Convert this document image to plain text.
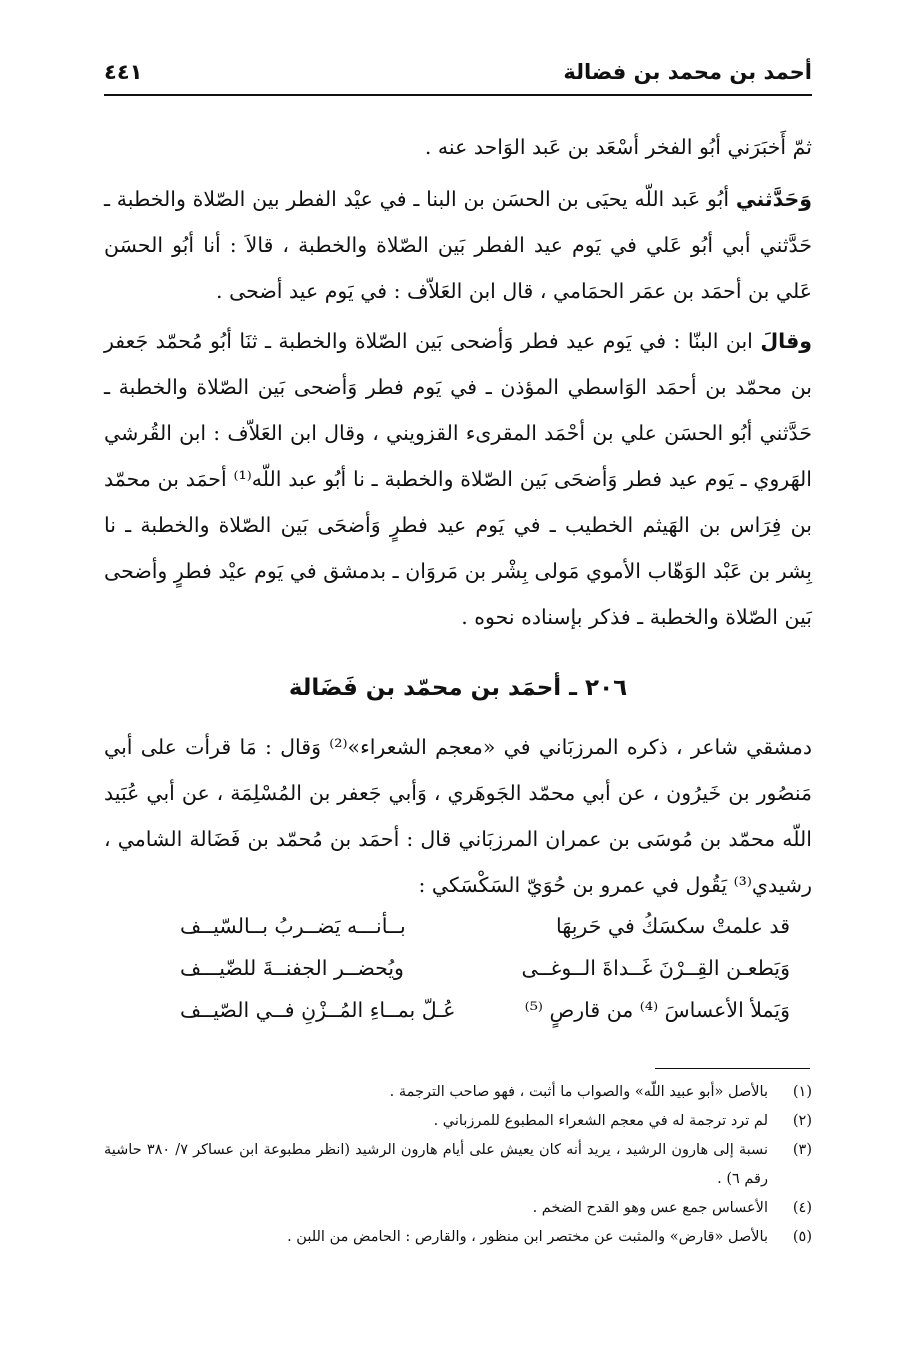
أحمد بن محمد بن فضالة
٤٤١

ثمّ أَخبَرَني أبُو الفخر أسْعَد بن عَبد الوَاحد عنه .

وَحَدَّثني أبُو عَبد اللّه يحيَى بن الحسَن بن البنا ـ في عيْد الفطر بين الصّلاة والخطبة ـ حَدَّثني أبي أبُو عَلي في يَوم عيد الفطر بَين الصّلاة والخطبة ، قالاَ : أنا أبُو الحسَن عَلي بن أحمَد بن عمَر الحمَامي ، قال ابن العَلاّف : في يَوم عيد أضحى .

وقالَ ابن البنّا : في يَوم عيد فطر وَأضحى بَين الصّلاة والخطبة ـ ثنَا أبُو مُحمّد جَعفر بن محمّد بن أحمَد الوَاسطي المؤذن ـ في يَوم فطر وَأضحى بَين الصّلاة والخطبة ـ حَدَّثني أبُو الحسَن علي بن أحْمَد المقرىء القزويني ، وقال ابن العَلاّف : ابن القُرشي الهَروي ـ يَوم عيد فطر وَأضحَى بَين الصّلاة والخطبة ـ نا أبُو عبد اللّه⁽¹⁾ أحمَد بن محمّد بن فِرَاس بن الهَيثم الخطيب ـ في يَوم عيد فطرٍ وَأضحَى بَين الصّلاة والخطبة ـ نا بِشر بن عَبْد الوَهّاب الأموي مَولى بِشْر بن مَروَان ـ بدمشق في يَوم عيْد فطرٍ وأضحى بَين الصّلاة والخطبة ـ فذكر بإسناده نحوه .

٢٠٦ ـ أحمَد بن محمّد بن فَضَالة

دمشقي شاعر ، ذكره المرزبَاني في «معجم الشعراء»⁽²⁾ وَقال : مَا قرأت على أبي مَنصُور بن خَيرُون ، عن أبي محمّد الجَوهَري ، وَأبي جَعفر بن المُسْلِمَة ، عن أبي عُبَيد اللّه محمّد بن مُوسَى بن عمران المرزبَاني قال : أحمَد بن مُحمّد بن فَضَالة الشامي ، رشيدي⁽³⁾ يَقُول في عمرو بن حُوَيّ السَكْسَكي :

قد علمتْ سكسَكُ في حَربِهَا
بــأنـــه يَضــربُ بــالسّيــف
وَيَطعـن القِــرْنَ غَــداةَ الــوغــى
ويُحضــر الجفنــةَ للضّيـــف
وَيَملأ الأعساسَ ⁽⁴⁾ من قارصٍ ⁽⁵⁾
عُـلّ بمــاءِ المُــزْنِ فــي الصّيــف
(١)
بالأصل «أبو عبيد اللّه» والصواب ما أثبت ، فهو صاحب الترجمة .
(٢)
لم ترد ترجمة له في معجم الشعراء المطبوع للمرزباني .
(٣)
نسبة إلى هارون الرشيد ، يريد أنه كان يعيش على أيام هارون الرشيد (انظر مطبوعة ابن عساكر ٧/ ٣٨٠ حاشية رقم ٦) .
(٤)
الأعساس جمع عس وهو القدح الضخم .
(٥)
بالأصل «قارض» والمثبت عن مختصر ابن منظور ، والقارص : الحامض من اللبن .
